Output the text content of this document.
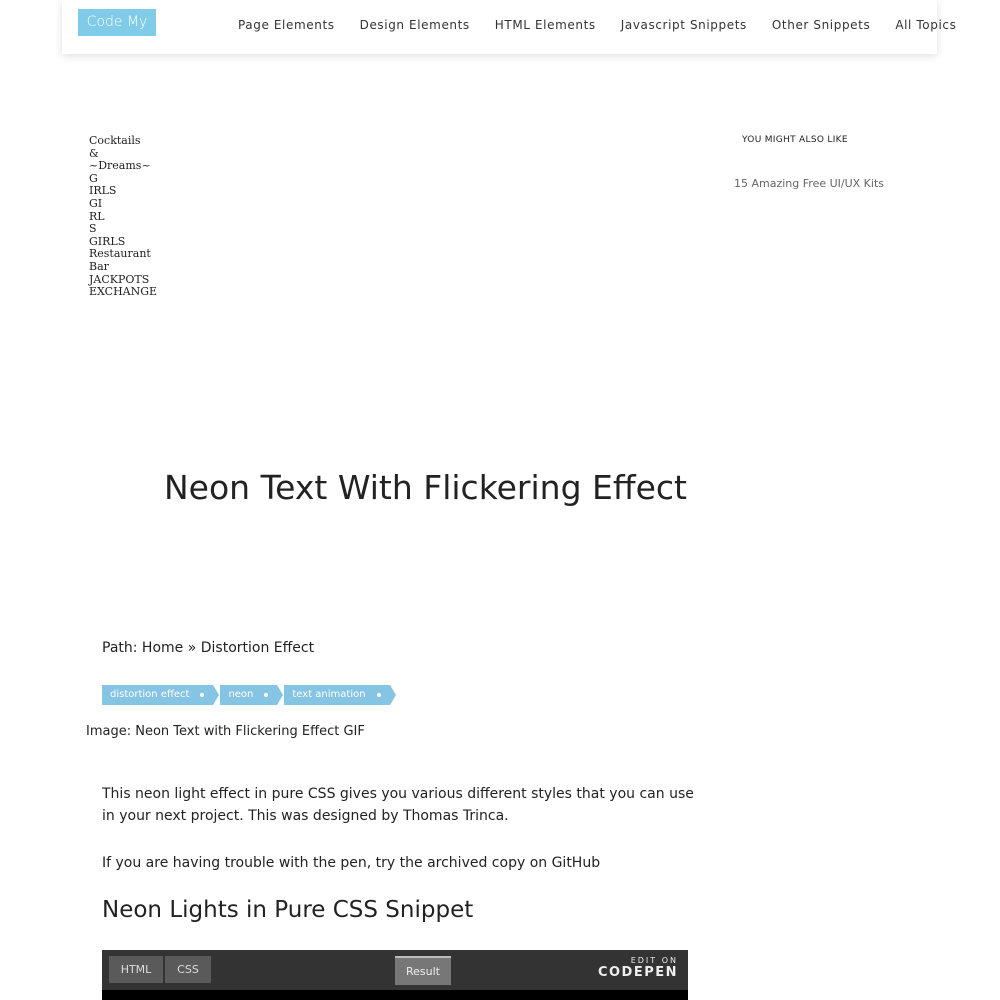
Code My UI
Page Elements Design Elements HTML Elements Javascript Snippets Other Snippets All Topics
Cocktails
&
~Dreams~
G
IRLS
GI
RL
S
GIRLS
Restaurant
Bar
JACKPOTS
EXCHANGE
YOU MIGHT ALSO LIKE
15 Amazing Free UI/UX Kits
Neon Text With Flickering Effect
Path: Home » Distortion Effect
distortion effect	neon	text animation
Image: Neon Text with Flickering Effect GIF

This neon light effect in pure CSS gives you various different styles that you can use in your next project. This was designed by Thomas Trinca.

If you are having trouble with the pen, try the archived copy on GitHub

Neon Lights in Pure CSS Snippet
HTML	CSS	Result
EDIT ON
CODEPEN
